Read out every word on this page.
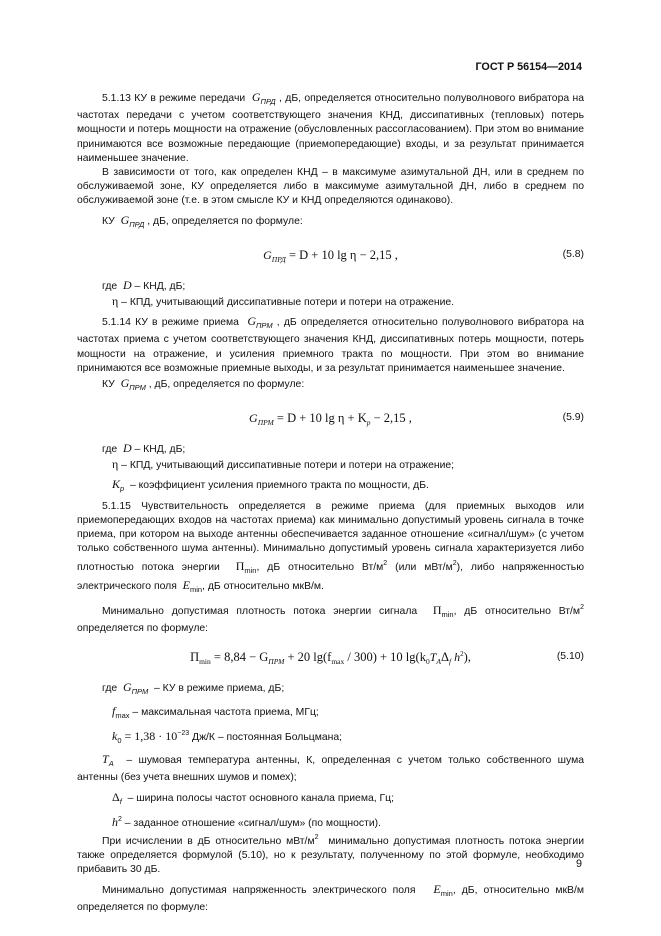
ГОСТ Р 56154—2014

5.1.13 КУ в режиме передачи $G_{ПРД}$ , дБ, определяется относительно полуволнового вибратора на частотах передачи с учетом соответствующего значения КНД, диссипативных (тепловых) потерь мощности и потерь мощности на отражение (обусловленных рассогласованием). При этом во внимание принимаются все возможные передающие (приемопередающие) входы, и за результат принимается наименьшее значение.

В зависимости от того, как определен КНД – в максимуме азимутальной ДН, или в среднем по обслуживаемой зоне, КУ определяется либо в максимуме азимутальной ДН, либо в среднем по обслуживаемой зоне (т.е. в этом смысле КУ и КНД определяются одинаково).

КУ $G_{ПРД}$ , дБ, определяется по формуле:

$G_{ПРД} = D + 10$ lg η − 2,15 ,	(5.8)

где D – КНД, дБ;

η – КПД, учитывающий диссипативные потери и потери на отражение.

5.1.14 КУ в режиме приема $G_{ПРМ}$ , дБ определяется относительно полуволнового вибратора на частотах приема с учетом соответствующего значения КНД, диссипативных потерь мощности, потерь мощности на отражение, и усиления приемного тракта по мощности. При этом во внимание принимаются все возможные приемные выходы, и за результат принимается наименьшее значение.

КУ $G_{ПРМ}$ , дБ, определяется по формуле:

$G_{ПРМ} = D + 10$ $\lg \eta + K_р - 2,15$ ,	(5.9)

где D – КНД, дБ;

η – КПД, учитывающий диссипативные потери и потери на отражение;

$K_р$ – коэффициент усиления приемного тракта по мощности, дБ.

5.1.15 Чувствительность определяется в режиме приема (для приемных выходов или приемопередающих входов на частотах приема) как минимально допустимый уровень сигнала в точке приема, при котором на выходе антенны обеспечивается заданное отношение «сигнал/шум» (с учетом только собственного шума антенны). Минимально допустимый уровень сигнала характеризуется либо плотностью потока энергии $\Pi_{min}$, дБ относительно $Вт/м^2$ (или мВт/$м^2$), либо напряженностью электрического поля $E_{min}$, дБ относительно мкВ/м.

Минимально допустимая плотность потока энергии сигнала $\Pi_{min}$, дБ относительно $Вт/м^2$ определяется по формуле:

$\Pi_{min} = 8,84 - G_{ПРМ} + 20$ $\lg(f_{max} / 300) + 10$ $\lg(k_0T_А\Delta_f$ $h^2$),	(5.10)

где $G_{ПРМ}$ – КУ в режиме приема, дБ;

$f_{max}$ – максимальная частота приема, МГц;

$k_0 = 1,38 \cdot 10^{-23}$ Дж/К – постоянная Больцмана;

$T_А$ – шумовая температура антенны, К, определенная с учетом только собственного шума антенны (без учета внешних шумов и помех);

$\Delta_f$ – ширина полосы частот основного канала приема, Гц;

$h^2$ – заданное отношение «сигнал/шум» (по мощности).

При исчислении в дБ относительно мВт/$м^2$  минимально допустимая плотность потока энергии также определяется формулой (5.10), но к результату, полученному по этой формуле, необходимо прибавить 30 дБ.

Минимально допустимая напряженность электрического поля $E_{min}$, дБ, относительно мкВ/м определяется по формуле:

9
